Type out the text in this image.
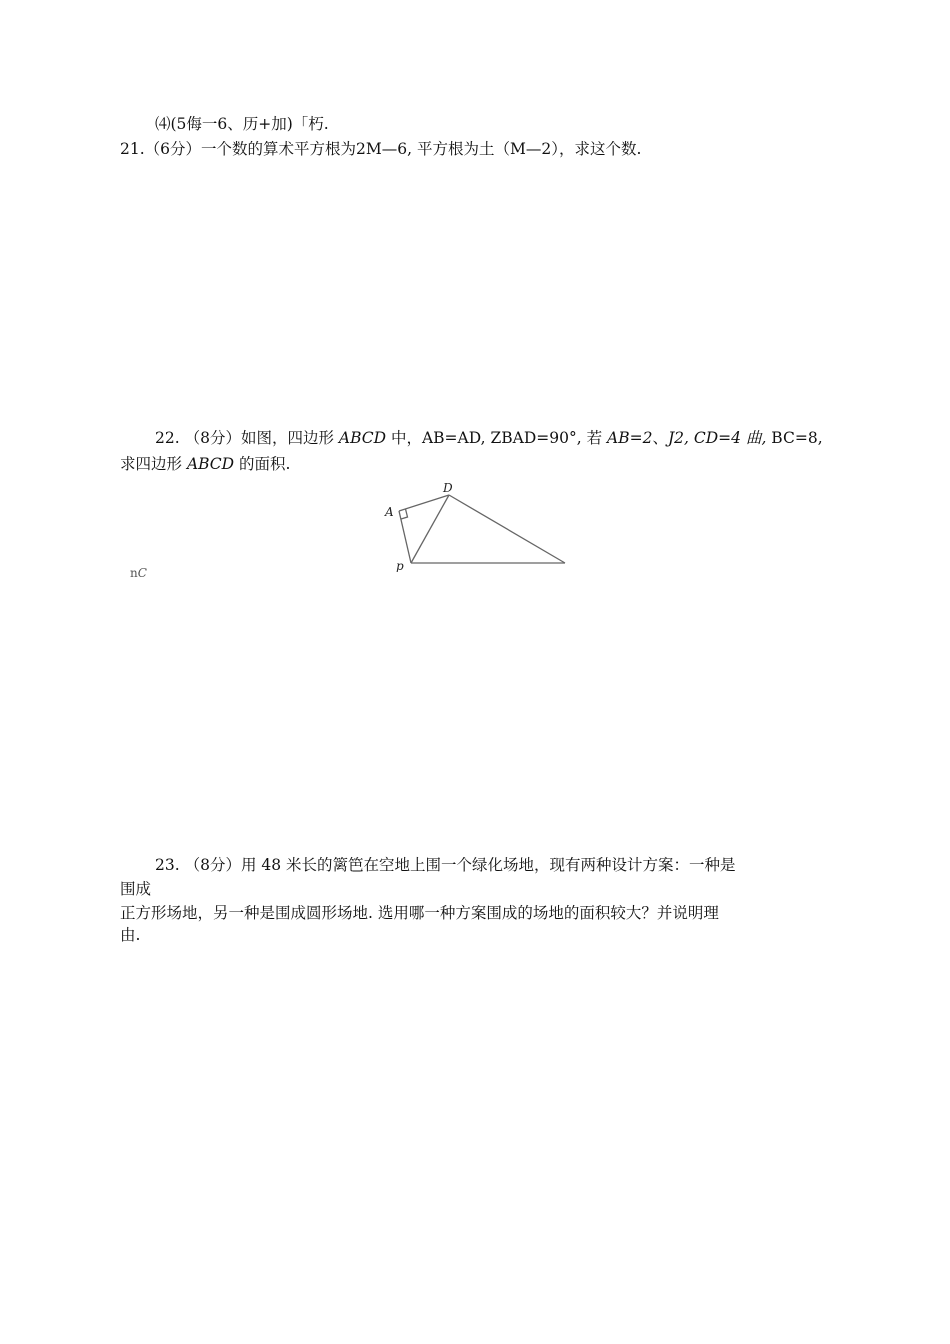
⑷(5侮一6、历+加)「朽.
21.（6分）一个数的算术平方根为2M—6, 平方根为土（M—2），求这个数.
22. （8分）如图，四边形 ABCD 中，AB=AD, ZBAD=90°, 若 AB=2、J2, CD=4 曲, BC=8,
求四边形 ABCD 的面积.
D
A
p
nC
23. （8分）用 48 米长的篱笆在空地上围一个绿化场地，现有两种设计方案：一种是
围成
正方形场地，另一种是围成圆形场地. 选用哪一种方案围成的场地的面积较大？并说明理
由.
